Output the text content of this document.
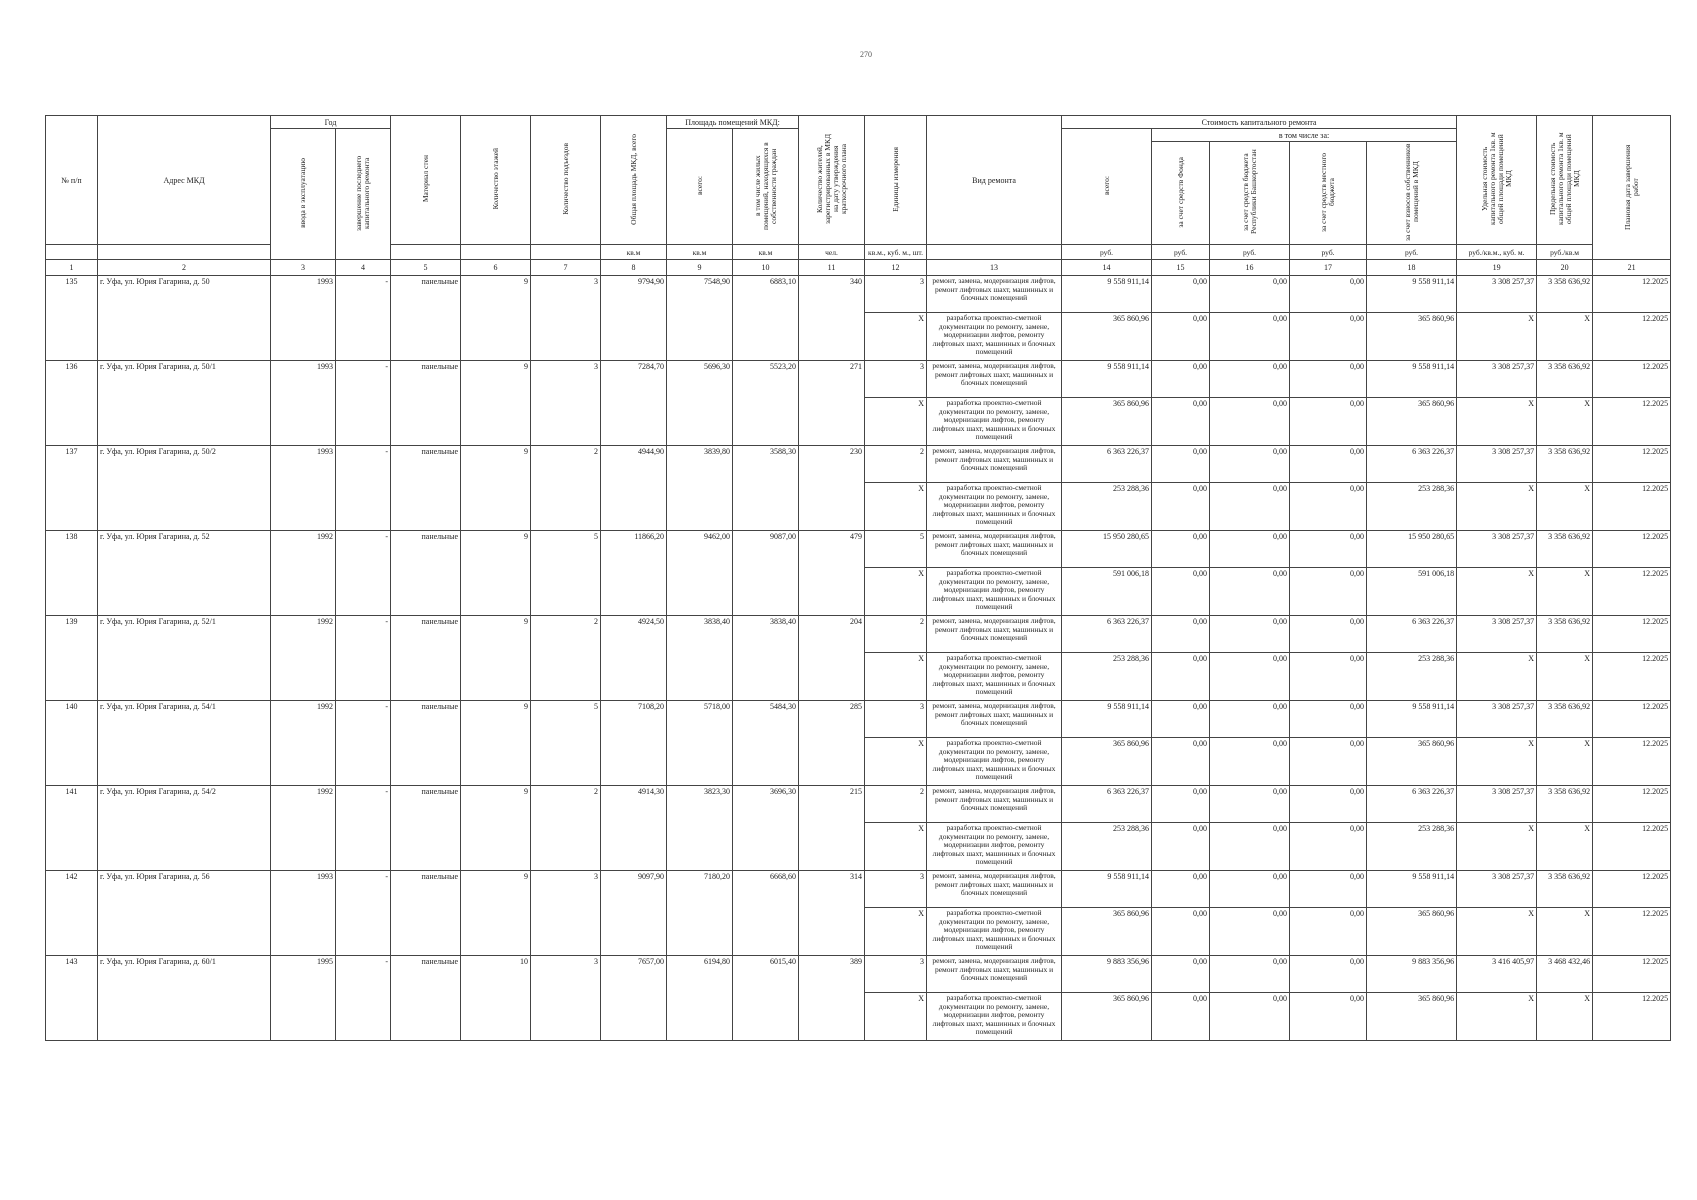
270
№ п/п	Адрес МКД	Год		Материал стен	Количество этажей	Количество подъездов	Общая площадь МКД, всего	Площадь помещений МКД:		Количество жителей, зарегистрированных в МКД на дату утверждения краткосрочного плана	Единицы измерения	Вид ремонта	Стоимость капитального ремонта					Удельная стоимость капитального ремонта 1кв. м общей площади помещений МКД	Предельная стоимость капитального ремонта 1кв. м общей площади помещений МКД	Плановая дата завершения работ
		ввода в эксплуатацию	завершение последнего капитального ремонта					всего:	в том числе жилых помещений, находящихся в собственности граждан				всего:	в том числе за:						
														за счет средств Фонда	за счет средств бюджета Республики Башкортостан	за счет средств местного бюджета	за счет взносов собственников помещений в МКД			
							кв.м	кв.м	кв.м	чел.	кв.м., куб. м., шт.		руб.	руб.	руб.	руб.	руб.	руб./кв.м., куб. м.	руб./кв.м	
1	2	3	4	5	6	7	8	9	10	11	12	13	14	15	16	17	18	19	20	21
135	г. Уфа, ул. Юрия Гагарина, д. 50	1993	-	панельные	9	3	9794,90	7548,90	6883,10	340	3	ремонт, замена, модернизация лифтов, ремонт лифтовых шахт, машинных и блочных помещений	9 558 911,14	0,00	0,00	0,00	9 558 911,14	3 308 257,37	3 358 636,92	12.2025
											X	разработка проектно-сметной документации по ремонту, замене, модернизации лифтов, ремонту лифтовых шахт, машинных и блочных помещений	365 860,96	0,00	0,00	0,00	365 860,96	X	X	12.2025
136	г. Уфа, ул. Юрия Гагарина, д. 50/1	1993	-	панельные	9	3	7284,70	5696,30	5523,20	271	3	ремонт, замена, модернизация лифтов, ремонт лифтовых шахт, машинных и блочных помещений	9 558 911,14	0,00	0,00	0,00	9 558 911,14	3 308 257,37	3 358 636,92	12.2025
											X	разработка проектно-сметной документации по ремонту, замене, модернизации лифтов, ремонту лифтовых шахт, машинных и блочных помещений	365 860,96	0,00	0,00	0,00	365 860,96	X	X	12.2025
137	г. Уфа, ул. Юрия Гагарина, д. 50/2	1993	-	панельные	9	2	4944,90	3839,80	3588,30	230	2	ремонт, замена, модернизация лифтов, ремонт лифтовых шахт, машинных и блочных помещений	6 363 226,37	0,00	0,00	0,00	6 363 226,37	3 308 257,37	3 358 636,92	12.2025
											X	разработка проектно-сметной документации по ремонту, замене, модернизации лифтов, ремонту лифтовых шахт, машинных и блочных помещений	253 288,36	0,00	0,00	0,00	253 288,36	X	X	12.2025
138	г. Уфа, ул. Юрия Гагарина, д. 52	1992	-	панельные	9	5	11866,20	9462,00	9087,00	479	5	ремонт, замена, модернизация лифтов, ремонт лифтовых шахт, машинных и блочных помещений	15 950 280,65	0,00	0,00	0,00	15 950 280,65	3 308 257,37	3 358 636,92	12.2025
											X	разработка проектно-сметной документации по ремонту, замене, модернизации лифтов, ремонту лифтовых шахт, машинных и блочных помещений	591 006,18	0,00	0,00	0,00	591 006,18	X	X	12.2025
139	г. Уфа, ул. Юрия Гагарина, д. 52/1	1992	-	панельные	9	2	4924,50	3838,40	3838,40	204	2	ремонт, замена, модернизация лифтов, ремонт лифтовых шахт, машинных и блочных помещений	6 363 226,37	0,00	0,00	0,00	6 363 226,37	3 308 257,37	3 358 636,92	12.2025
											X	разработка проектно-сметной документации по ремонту, замене, модернизации лифтов, ремонту лифтовых шахт, машинных и блочных помещений	253 288,36	0,00	0,00	0,00	253 288,36	X	X	12.2025
140	г. Уфа, ул. Юрия Гагарина, д. 54/1	1992	-	панельные	9	5	7108,20	5718,00	5484,30	285	3	ремонт, замена, модернизация лифтов, ремонт лифтовых шахт, машинных и блочных помещений	9 558 911,14	0,00	0,00	0,00	9 558 911,14	3 308 257,37	3 358 636,92	12.2025
											X	разработка проектно-сметной документации по ремонту, замене, модернизации лифтов, ремонту лифтовых шахт, машинных и блочных помещений	365 860,96	0,00	0,00	0,00	365 860,96	X	X	12.2025
141	г. Уфа, ул. Юрия Гагарина, д. 54/2	1992	-	панельные	9	2	4914,30	3823,30	3696,30	215	2	ремонт, замена, модернизация лифтов, ремонт лифтовых шахт, машинных и блочных помещений	6 363 226,37	0,00	0,00	0,00	6 363 226,37	3 308 257,37	3 358 636,92	12.2025
											X	разработка проектно-сметной документации по ремонту, замене, модернизации лифтов, ремонту лифтовых шахт, машинных и блочных помещений	253 288,36	0,00	0,00	0,00	253 288,36	X	X	12.2025
142	г. Уфа, ул. Юрия Гагарина, д. 56	1993	-	панельные	9	3	9097,90	7180,20	6668,60	314	3	ремонт, замена, модернизация лифтов, ремонт лифтовых шахт, машинных и блочных помещений	9 558 911,14	0,00	0,00	0,00	9 558 911,14	3 308 257,37	3 358 636,92	12.2025
											X	разработка проектно-сметной документации по ремонту, замене, модернизации лифтов, ремонту лифтовых шахт, машинных и блочных помещений	365 860,96	0,00	0,00	0,00	365 860,96	X	X	12.2025
143	г. Уфа, ул. Юрия Гагарина, д. 60/1	1995	-	панельные	10	3	7657,00	6194,80	6015,40	389	3	ремонт, замена, модернизация лифтов, ремонт лифтовых шахт, машинных и блочных помещений	9 883 356,96	0,00	0,00	0,00	9 883 356,96	3 416 405,97	3 468 432,46	12.2025
											X	разработка проектно-сметной документации по ремонту, замене, модернизации лифтов, ремонту лифтовых шахт, машинных и блочных помещений	365 860,96	0,00	0,00	0,00	365 860,96	X	X	12.2025
